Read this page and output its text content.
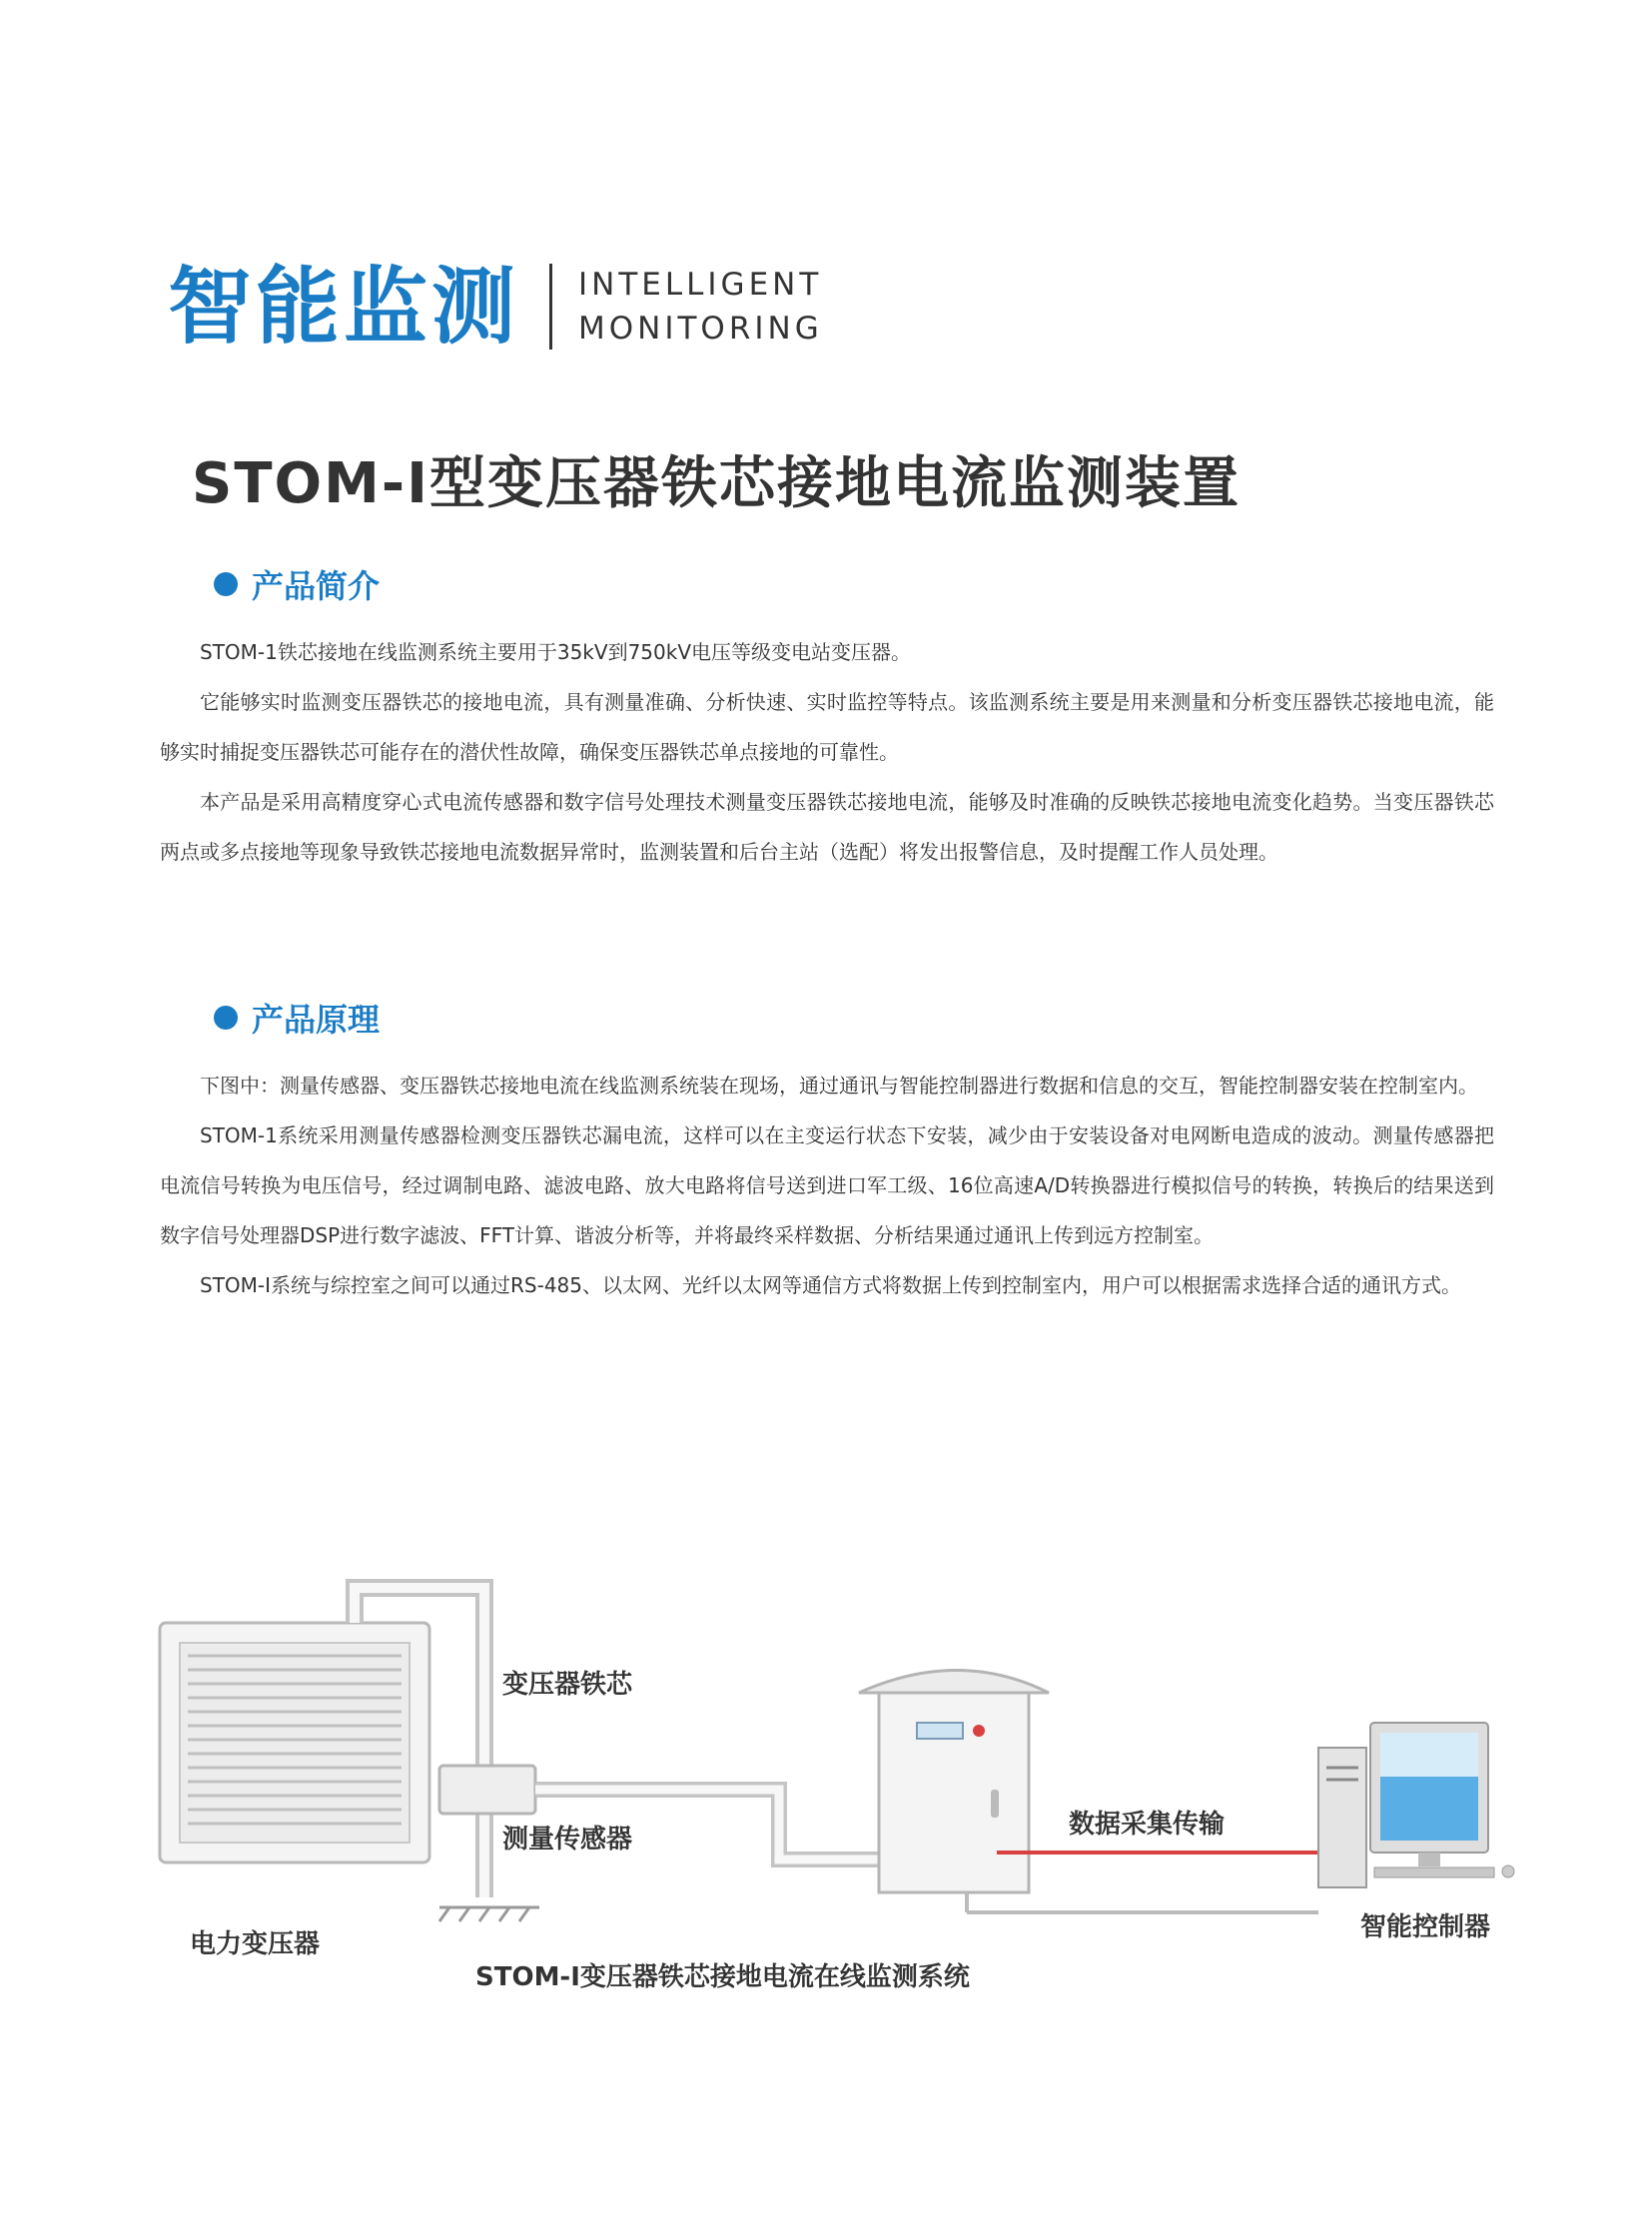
智能监测 INTELLIGENT
MONITORING
STOM-I型变压器铁芯接地电流监测装置
产品简介

STOM-1铁芯接地在线监测系统主要用于35kV到750kV电压等级变电站变压器。

它能够实时监测变压器铁芯的接地电流，具有测量准确、分析快速、实时监控等特点。该监测系统主要是用来测量和分析变压器铁芯接地电流，能够实时捕捉变压器铁芯可能存在的潜伏性故障，确保变压器铁芯单点接地的可靠性。

本产品是采用高精度穿心式电流传感器和数字信号处理技术测量变压器铁芯接地电流，能够及时准确的反映铁芯接地电流变化趋势。当变压器铁芯两点或多点接地等现象导致铁芯接地电流数据异常时，监测装置和后台主站（选配）将发出报警信息，及时提醒工作人员处理。

产品原理

下图中：测量传感器、变压器铁芯接地电流在线监测系统装在现场，通过通讯与智能控制器进行数据和信息的交互，智能控制器安装在控制室内。

STOM-1系统采用测量传感器检测变压器铁芯漏电流，这样可以在主变运行状态下安装，减少由于安装设备对电网断电造成的波动。测量传感器把电流信号转换为电压信号，经过调制电路、滤波电路、放大电路将信号送到进口军工级、16位高速A/D转换器进行模拟信号的转换，转换后的结果送到数字信号处理器DSP进行数字滤波、FFT计算、谐波分析等，并将最终采样数据、分析结果通过通讯上传到远方控制室。

STOM-I系统与综控室之间可以通过RS-485、以太网、光纤以太网等通信方式将数据上传到控制室内，用户可以根据需求选择合适的通讯方式。

变压器铁芯
测量传感器
电力变压器
数据采集传输
智能控制器
STOM-I变压器铁芯接地电流在线监测系统
